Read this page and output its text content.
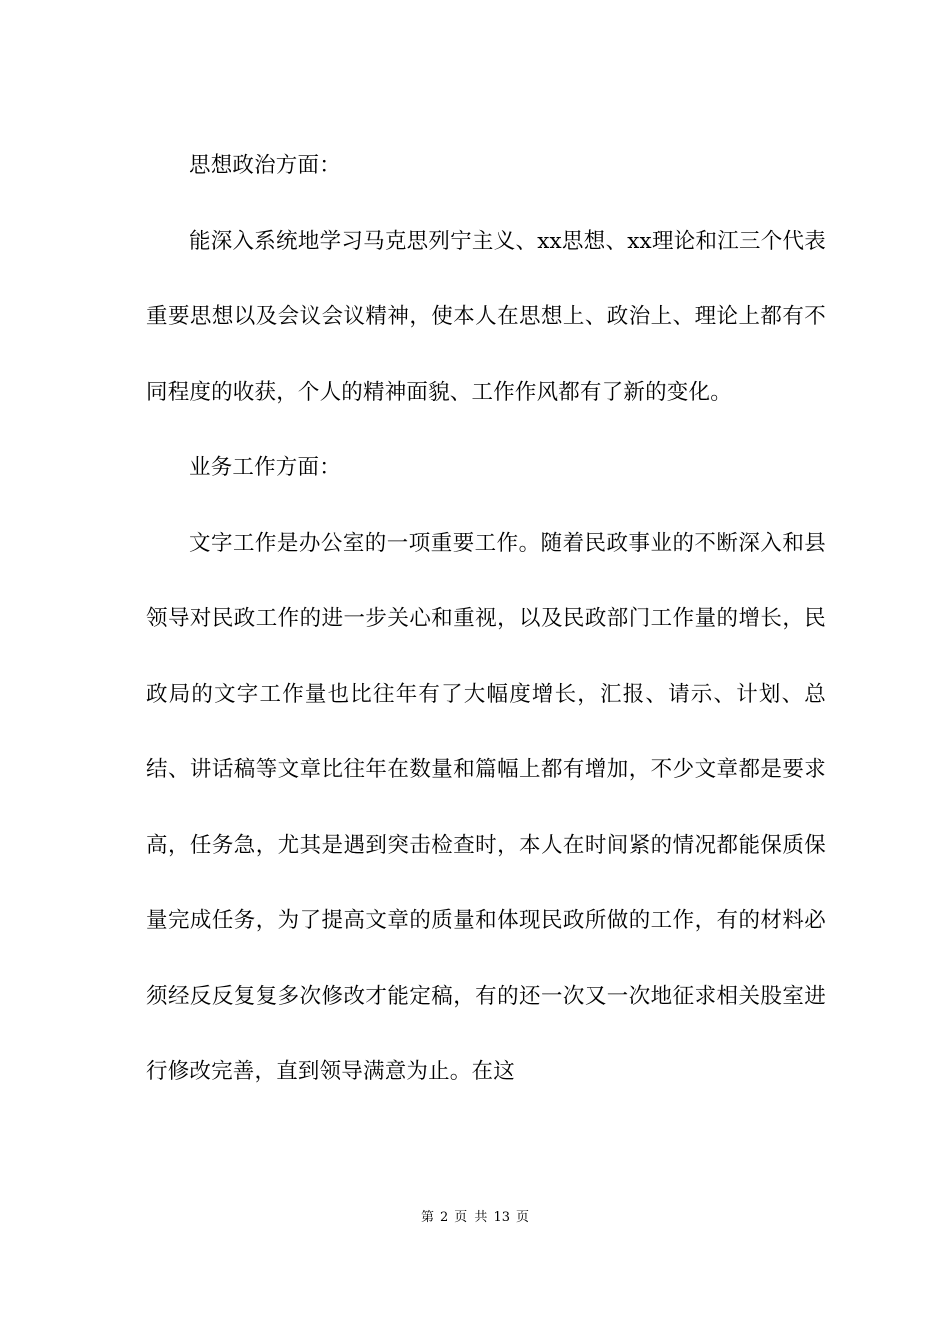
思想政治方面：

能深入系统地学习马克思列宁主义、xx思想、xx理论和江三个代表重要思想以及会议会议精神，使本人在思想上、政治上、理论上都有不同程度的收获，个人的精神面貌、工作作风都有了新的变化。

业务工作方面：

文字工作是办公室的一项重要工作。随着民政事业的不断深入和县领导对民政工作的进一步关心和重视，以及民政部门工作量的增长，民政局的文字工作量也比往年有了大幅度增长，汇报、请示、计划、总结、讲话稿等文章比往年在数量和篇幅上都有增加，不少文章都是要求高，任务急，尤其是遇到突击检查时，本人在时间紧的情况都能保质保量完成任务，为了提高文章的质量和体现民政所做的工作，有的材料必须经反反复复多次修改才能定稿，有的还一次又一次地征求相关股室进行修改完善，直到领导满意为止。在这

第 2 页 共 13 页
